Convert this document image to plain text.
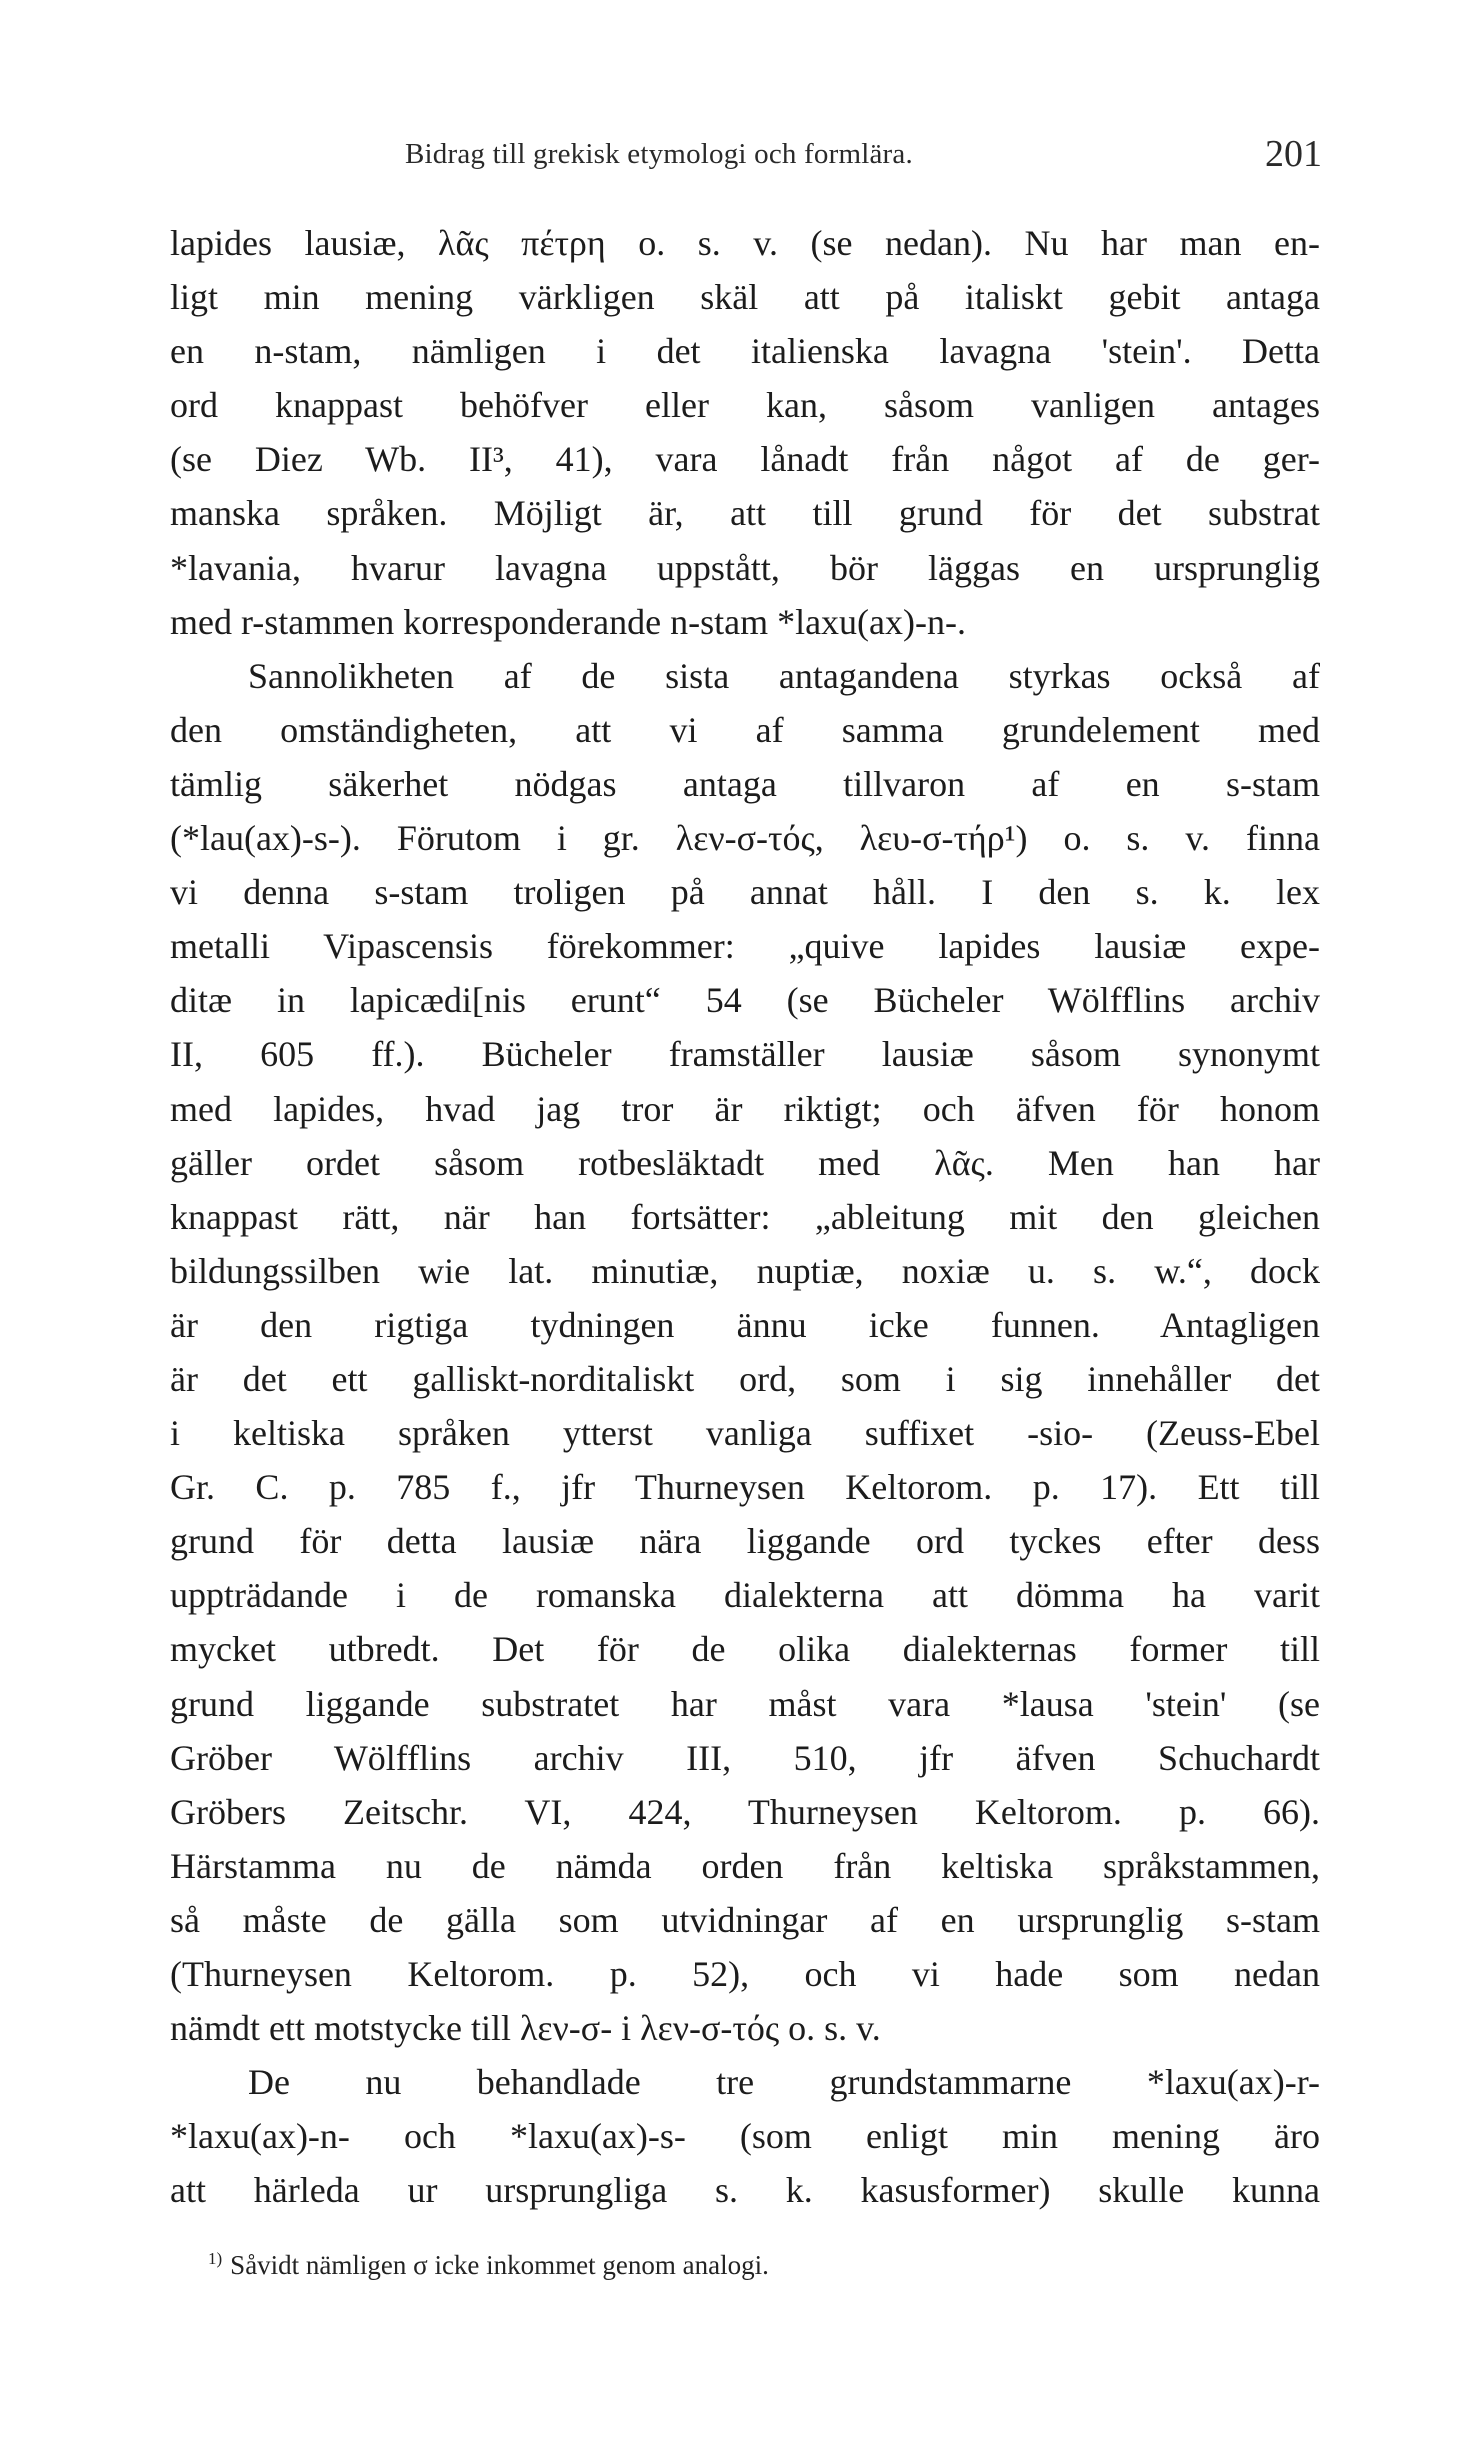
Bidrag till grekisk etymologi och formlära.	201
lapides lausiæ, λᾶς πέτρη o. s. v. (se nedan). Nu har man en-
ligt min mening värkligen skäl att på italiskt gebit antaga
en n-stam, nämligen i det italienska lavagna 'stein'. Detta
ord knappast behöfver eller kan, såsom vanligen antages
(se Diez Wb. II³, 41), vara lånadt från något af de ger-
manska språken. Möjligt är, att till grund för det substrat
*lavania, hvarur lavagna uppstått, bör läggas en ursprunglig
med r-stammen korresponderande n-stam *laxu(ax)-n-.
Sannolikheten af de sista antagandena styrkas också af
den omständigheten, att vi af samma grundelement med
tämlig säkerhet nödgas antaga tillvaron af en s-stam
(*lau(ax)-s-). Förutom i gr. λεν-σ-τός, λευ-σ-τήρ¹) o. s. v. finna
vi denna s-stam troligen på annat håll. I den s. k. lex
metalli Vipascensis förekommer: „quive lapides lausiæ expe-
ditæ in lapicædi[nis erunt“ 54 (se Bücheler Wölfflins archiv
II, 605 ff.). Bücheler framställer lausiæ såsom synonymt
med lapides, hvad jag tror är riktigt; och äfven för honom
gäller ordet såsom rotbesläktadt med λᾶς. Men han har
knappast rätt, när han fortsätter: „ableitung mit den gleichen
bildungssilben wie lat. minutiæ, nuptiæ, noxiæ u. s. w.“, dock
är den rigtiga tydningen ännu icke funnen. Antagligen
är det ett galliskt-norditaliskt ord, som i sig innehåller det
i keltiska språken ytterst vanliga suffixet -sio- (Zeuss-Ebel
Gr. C. p. 785 f., jfr Thurneysen Keltorom. p. 17). Ett till
grund för detta lausiæ nära liggande ord tyckes efter dess
uppträdande i de romanska dialekterna att dömma ha varit
mycket utbredt. Det för de olika dialekternas former till
grund liggande substratet har måst vara *lausa 'stein' (se
Gröber Wölfflins archiv III, 510, jfr äfven Schuchardt
Gröbers Zeitschr. VI, 424, Thurneysen Keltorom. p. 66).
Härstamma nu de nämda orden från keltiska språkstammen,
så måste de gälla som utvidningar af en ursprunglig s-stam
(Thurneysen Keltorom. p. 52), och vi hade som nedan
nämdt ett motstycke till λεν-σ- i λεν-σ-τός o. s. v.
De nu behandlade tre grundstammarne *laxu(ax)-r-
*laxu(ax)-n- och *laxu(ax)-s- (som enligt min mening äro
att härleda ur ursprungliga s. k. kasusformer) skulle kunna
$^{1)}$ Såvidt nämligen σ icke inkommet genom analogi.
